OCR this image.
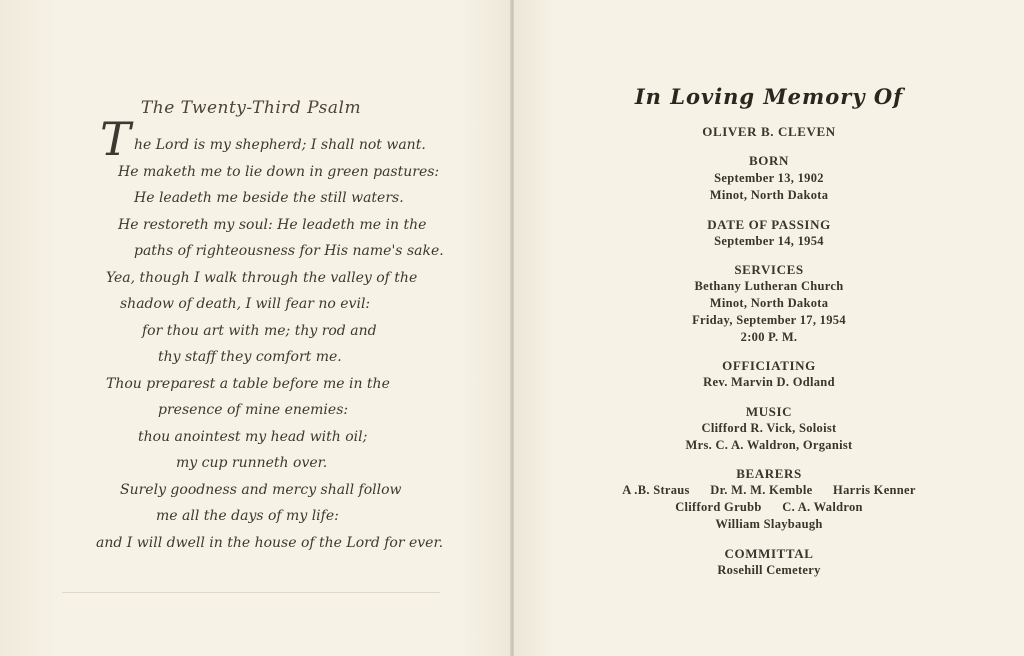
The Twenty-Third Psalm
T he Lord is my shepherd; I shall not want.
He maketh me to lie down in green pastures:
He leadeth me beside the still waters.
He restoreth my soul: He leadeth me in the
paths of righteousness for His name's sake.
Yea, though I walk through the valley of the
shadow of death, I will fear no evil:
for thou art with me; thy rod and
thy staff they comfort me.
Thou preparest a table before me in the
presence of mine enemies:
thou anointest my head with oil;
my cup runneth over.
Surely goodness and mercy shall follow
me all the days of my life:
and I will dwell in the house of the Lord for ever.
In Loving Memory Of
OLIVER B. CLEVEN
BORN
September 13, 1902
Minot, North Dakota
DATE OF PASSING
September 14, 1954
SERVICES
Bethany Lutheran Church
Minot, North Dakota
Friday, September 17, 1954
2:00 P. M.
OFFICIATING
Rev. Marvin D. Odland
MUSIC
Clifford R. Vick, Soloist
Mrs. C. A. Waldron, Organist
BEARERS
A .B. Straus      Dr. M. M. Kemble      Harris Kenner
Clifford Grubb      C. A. Waldron
William Slaybaugh
COMMITTAL
Rosehill Cemetery
